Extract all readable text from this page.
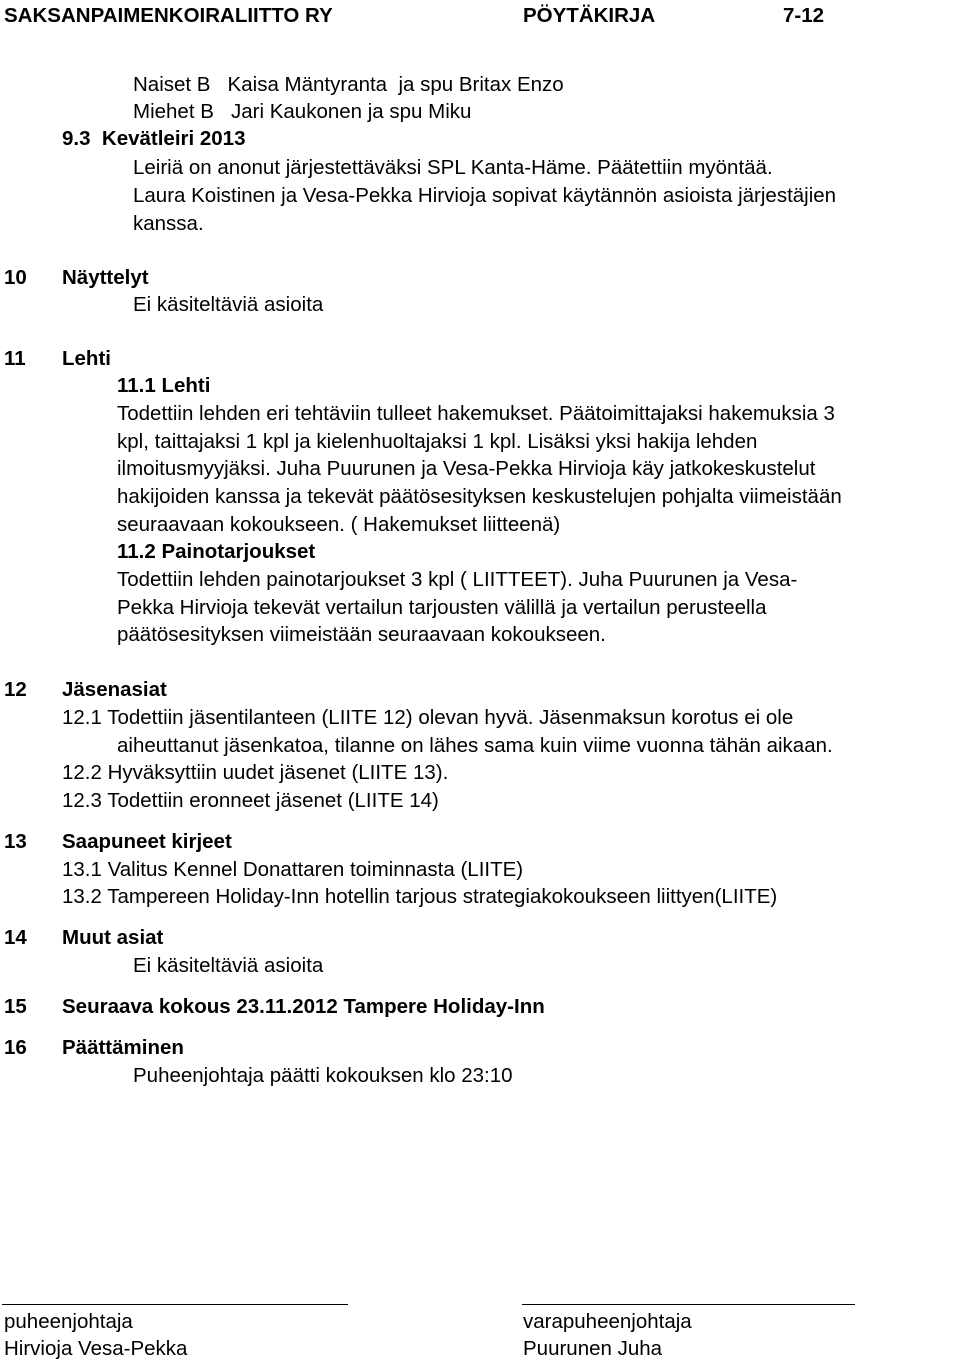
SAKSANPAIMENKOIRALIITTO RY	PÖYTÄKIRJA	7-12
Naiset B   Kaisa Mäntyranta  ja spu Britax Enzo
Miehet B   Jari Kaukonen ja spu Miku
9.3  Kevätleiri 2013
Leiriä on anonut järjestettäväksi SPL Kanta-Häme. Päätettiin myöntää.
Laura Koistinen ja Vesa-Pekka Hirvioja sopivat käytännön asioista järjestäjien
kanssa.
10 Näyttelyt
Ei käsiteltäviä asioita
11 Lehti
11.1 Lehti
Todettiin lehden eri tehtäviin tulleet hakemukset. Päätoimittajaksi hakemuksia 3
kpl, taittajaksi 1 kpl ja kielenhuoltajaksi 1 kpl. Lisäksi yksi hakija lehden
ilmoitusmyyjäksi. Juha Puurunen ja Vesa-Pekka Hirvioja käy jatkokeskustelut
hakijoiden kanssa ja tekevät päätösesityksen keskustelujen pohjalta viimeistään
seuraavaan kokoukseen. ( Hakemukset liitteenä)
11.2 Painotarjoukset
Todettiin lehden painotarjoukset 3 kpl ( LIITTEET). Juha Puurunen ja Vesa-
Pekka Hirvioja tekevät vertailun tarjousten välillä ja vertailun perusteella
päätösesityksen viimeistään seuraavaan kokoukseen.
12 Jäsenasiat
12.1 Todettiin jäsentilanteen (LIITE 12) olevan hyvä. Jäsenmaksun korotus ei ole
aiheuttanut jäsenkatoa, tilanne on lähes sama kuin viime vuonna tähän aikaan.
12.2 Hyväksyttiin uudet jäsenet (LIITE 13).
12.3 Todettiin eronneet jäsenet (LIITE 14)
13 Saapuneet kirjeet
13.1 Valitus Kennel Donattaren toiminnasta (LIITE)
13.2 Tampereen Holiday-Inn hotellin tarjous strategiakokoukseen liittyen(LIITE)
14 Muut asiat
Ei käsiteltäviä asioita
15 Seuraava kokous 23.11.2012 Tampere Holiday-Inn
16 Päättäminen
Puheenjohtaja päätti kokouksen klo 23:10
puheenjohtaja
Hirvioja Vesa-Pekka
varapuheenjohtaja
Puurunen Juha
